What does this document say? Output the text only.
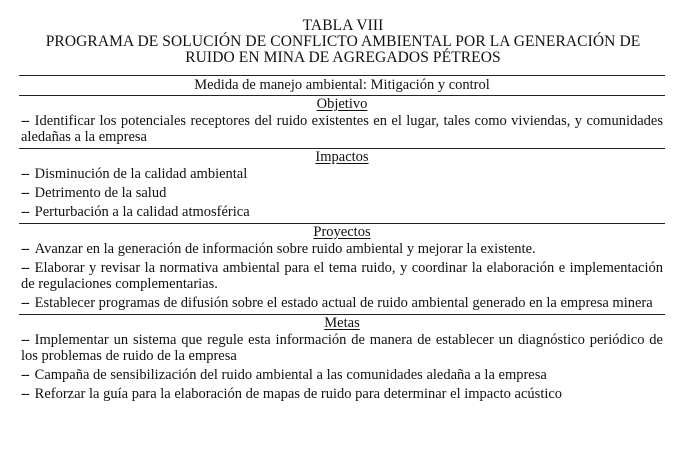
TABLA VIII
PROGRAMA DE SOLUCIÓN DE CONFLICTO AMBIENTAL POR LA GENERACIÓN DE
RUIDO EN MINA DE AGREGADOS PÉTREOS
Medida de manejo ambiental: Mitigación y control
Objetivo
-- Identificar los potenciales receptores del ruido existentes en el lugar, tales como viviendas, y comunidades aledañas a la empresa
Impactos
-- Disminución de la calidad ambiental
-- Detrimento de la salud
-- Perturbación a la calidad atmosférica
Proyectos
-- Avanzar en la generación de información sobre ruido ambiental y mejorar la existente.
-- Elaborar y revisar la normativa ambiental para el tema ruido, y coordinar la elaboración e implementación de regulaciones complementarias.
-- Establecer programas de difusión sobre el estado actual de ruido ambiental generado en la empresa minera
Metas
-- Implementar un sistema que regule esta información de manera de establecer un diagnóstico periódico de los problemas de ruido de la empresa
-- Campaña de sensibilización del ruido ambiental a las comunidades aledaña a la empresa
-- Reforzar la guía para la elaboración de mapas de ruido para determinar el impacto acústico
